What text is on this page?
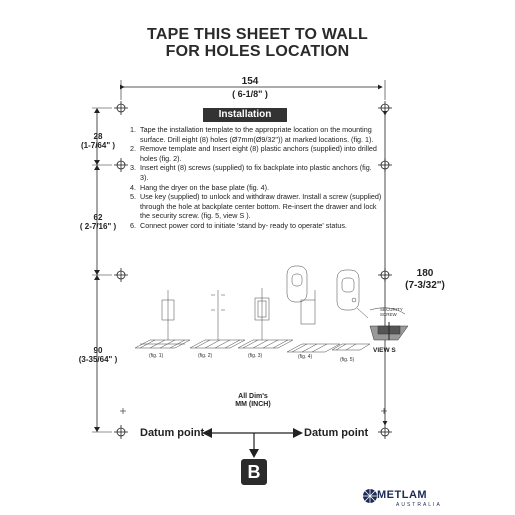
TAPE THIS SHEET TO WALL
FOR HOLES LOCATION
154
( 6-1/8" )
28
(1-7/64" )
62
( 2-7/16" )
90
(3-35/64" )
180
(7-3/32")
Installation
1. Tape the installation template to the appropriate location on the mounting surface. Drill eight (8) holes (Ø7mm(Ø9/32")) at marked locations. (fig. 1).
2. Remove template and Insert eight (8) plastic anchors (supplied) into drilled holes (fig. 2).
3. Insert eight (8) screws (supplied) to fix backplate into plastic anchors (fig. 3).
4. Hang the dryer on the base plate (fig. 4).
5. Use key (supplied) to unlock and withdraw drawer. Install a screw (supplied) through the hole at backplate center bottom. Re-insert the drawer and lock the security screw. (fig. 5, view S ).
6. Connect power cord to initiate 'stand by- ready to operate' status.
(fig. 1)	(fig. 2)	(fig. 3)	(fig. 4)	(fig. 5)
SECURITY SCREW
VIEW S
All Dim's
MM (INCH)
Datum point	Datum point
B
METLAM
AUSTRALIA
